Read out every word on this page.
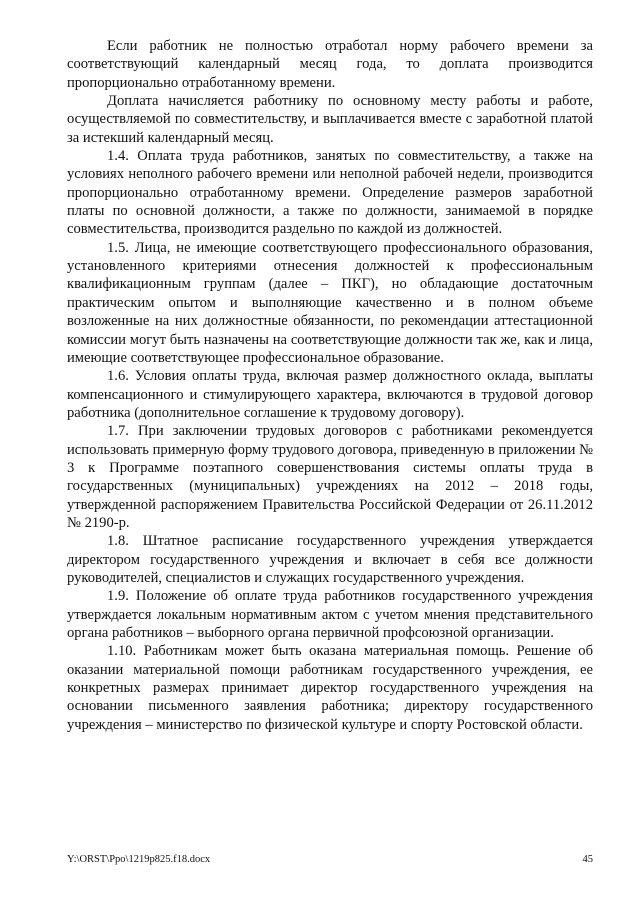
Если работник не полностью отработал норму рабочего времени за соответствующий календарный месяц года, то доплата производится пропорционально отработанному времени.

Доплата начисляется работнику по основному месту работы и работе, осуществляемой по совместительству, и выплачивается вместе с заработной платой за истекший календарный месяц.

1.4. Оплата труда работников, занятых по совместительству, а также на условиях неполного рабочего времени или неполной рабочей недели, производится пропорционально отработанному времени. Определение размеров заработной платы по основной должности, а также по должности, занимаемой в порядке совместительства, производится раздельно по каждой из должностей.

1.5. Лица, не имеющие соответствующего профессионального образования, установленного критериями отнесения должностей к профессиональным квалификационным группам (далее – ПКГ), но обладающие достаточным практическим опытом и выполняющие качественно и в полном объеме возложенные на них должностные обязанности, по рекомендации аттестационной комиссии могут быть назначены на соответствующие должности так же, как и лица, имеющие соответствующее профессиональное образование.

1.6. Условия оплаты труда, включая размер должностного оклада, выплаты компенсационного и стимулирующего характера, включаются в трудовой договор работника (дополнительное соглашение к трудовому договору).

1.7. При заключении трудовых договоров с работниками рекомендуется использовать примерную форму трудового договора, приведенную в приложении № 3 к Программе поэтапного совершенствования системы оплаты труда в государственных (муниципальных) учреждениях на 2012 – 2018 годы, утвержденной распоряжением Правительства Российской Федерации от 26.11.2012 № 2190-р.

1.8. Штатное расписание государственного учреждения утверждается директором государственного учреждения и включает в себя все должности руководителей, специалистов и служащих государственного учреждения.

1.9. Положение об оплате труда работников государственного учреждения утверждается локальным нормативным актом с учетом мнения представительного органа работников – выборного органа первичной профсоюзной организации.

1.10. Работникам может быть оказана материальная помощь. Решение об оказании материальной помощи работникам государственного учреждения, ее конкретных размерах принимает директор государственного учреждения на основании письменного заявления работника; директору государственного учреждения – министерство по физической культуре и спорту Ростовской области.

Y:\ORST\Ppo\1219p825.f18.docx	45
